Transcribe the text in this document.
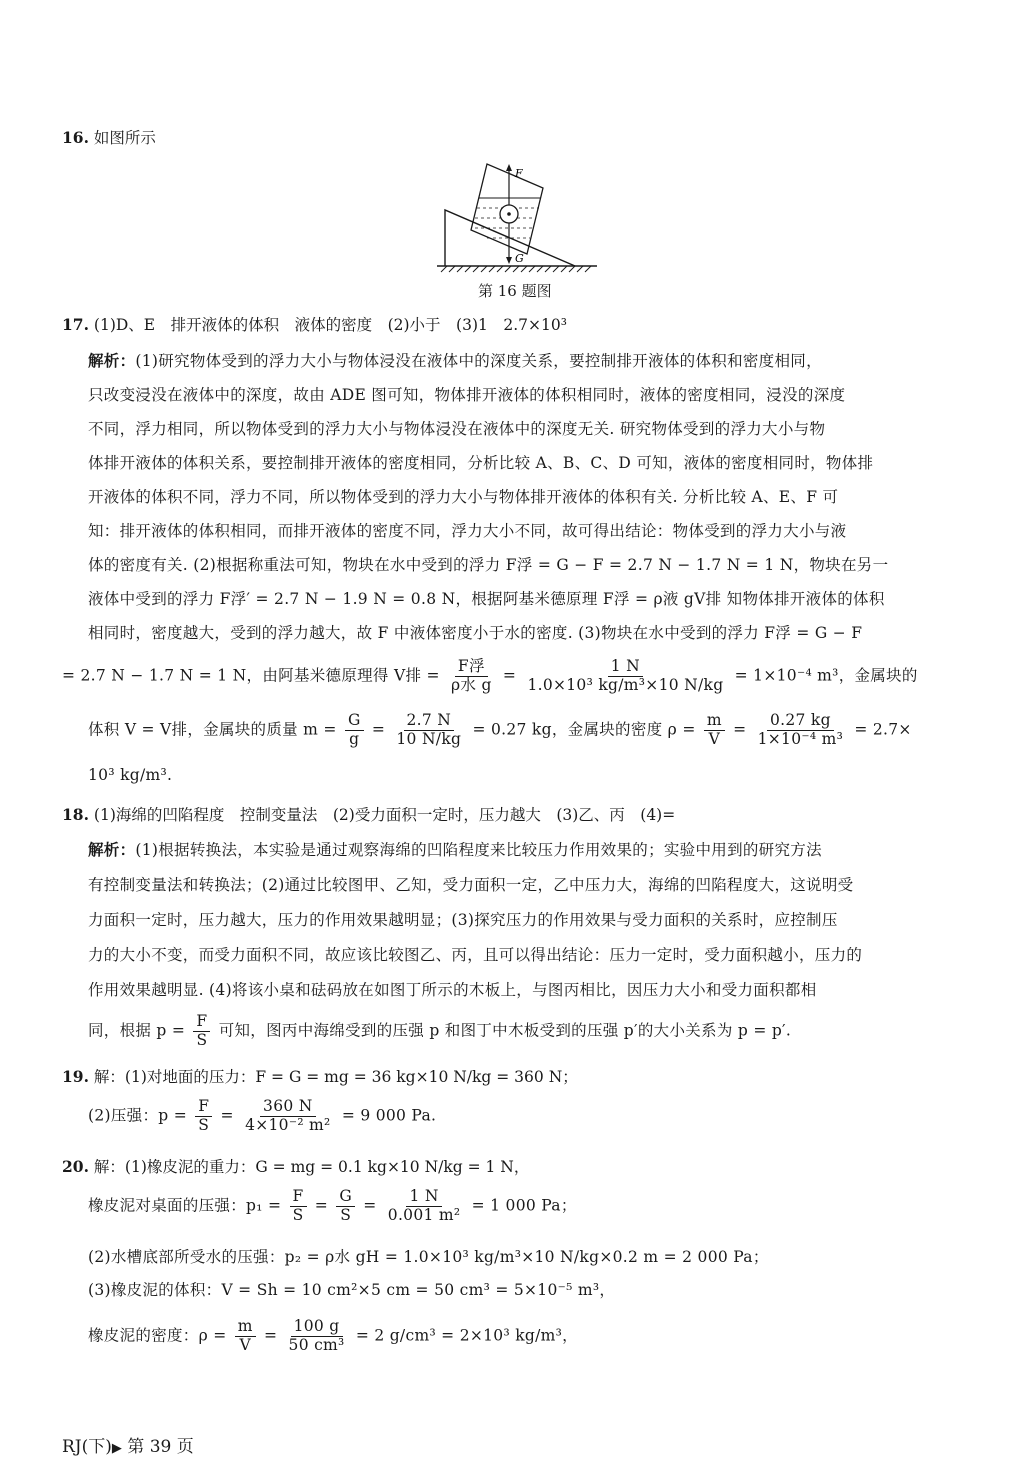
16. 如图所示
F
G
第 16 题图
17. (1)D、E　排开液体的体积　液体的密度　(2)小于　(3)1　2.7×10³
解析：(1)研究物体受到的浮力大小与物体浸没在液体中的深度关系，要控制排开液体的体积和密度相同，
只改变浸没在液体中的深度，故由 ADE 图可知，物体排开液体的体积相同时，液体的密度相同，浸没的深度
不同，浮力相同，所以物体受到的浮力大小与物体浸没在液体中的深度无关. 研究物体受到的浮力大小与物
体排开液体的体积关系，要控制排开液体的密度相同，分析比较 A、B、C、D 可知，液体的密度相同时，物体排
开液体的体积不同，浮力不同，所以物体受到的浮力大小与物体排开液体的体积有关. 分析比较 A、E、F 可
知：排开液体的体积相同，而排开液体的密度不同，浮力大小不同，故可得出结论：物体受到的浮力大小与液
体的密度有关. (2)根据称重法可知，物块在水中受到的浮力 F浮 = G − F = 2.7 N − 1.7 N = 1 N，物块在另一
液体中受到的浮力 F浮′ = 2.7 N − 1.9 N = 0.8 N，根据阿基米德原理 F浮 = ρ液 gV排 知物体排开液体的体积
相同时，密度越大，受到的浮力越大，故 F 中液体密度小于水的密度. (3)物块在水中受到的浮力 F浮 = G − F
= 2.7 N − 1.7 N = 1 N，由阿基米德原理得 V排 =
F浮
ρ水 g
= $\frac{1 N}{\text{1.0×10³ kg/m³×10 N/kg}} = 1\times 10^{-4}$ m³，金属块的
体积 V = V排，金属块的质量 $m = \frac{G}{g} = \frac{2.7 N}{10 N/kg} = 0.27$ kg，金属块的密度 $\rho = \frac{m}{V} = \frac{0.27 kg}{\text{1×10⁻⁴ m³}} = 2.7\times$
10³ kg/m³.
18. (1)海绵的凹陷程度　控制变量法　(2)受力面积一定时，压力越大　(3)乙、丙　(4)=
解析：(1)根据转换法，本实验是通过观察海绵的凹陷程度来比较压力作用效果的；实验中用到的研究方法
有控制变量法和转换法；(2)通过比较图甲、乙知，受力面积一定，乙中压力大，海绵的凹陷程度大，这说明受
力面积一定时，压力越大，压力的作用效果越明显；(3)探究压力的作用效果与受力面积的关系时，应控制压
力的大小不变，而受力面积不同，故应该比较图乙、丙，且可以得出结论：压力一定时，受力面积越小，压力的
作用效果越明显. (4)将该小桌和砝码放在如图丁所示的木板上，与图丙相比，因压力大小和受力面积都相
同，根据 $p = \frac{F}{S}$ 可知，图丙中海绵受到的压强 p 和图丁中木板受到的压强 p′的大小关系为 p = p′.
19. 解：(1)对地面的压力：F = G = mg = 36 kg×10 N/kg = 360 N；
(2)压强：$p = \frac{F}{S} = \frac{360 N}{\text{4×10⁻² m²}} = 9$ 000 Pa.
20. 解：(1)橡皮泥的重力：G = mg = 0.1 kg×10 N/kg = 1 N，
橡皮泥对桌面的压强：$p_1 = \frac{F}{S} = \frac{G}{S} = \frac{1 N}{\text{0.001 m²}} = 1$ 000 Pa；
(2)水槽底部所受水的压强：p₂ = ρ水 gH = 1.0×10³ kg/m³×10 N/kg×0.2 m = 2 000 Pa；
(3)橡皮泥的体积：V = Sh = 10 cm²×5 cm = 50 cm³ = 5×10⁻⁵ m³，
橡皮泥的密度：$\rho = \frac{m}{V} = \frac{100 g}{\text{50 cm³}} = 2$ g/cm³ = 2×10³ kg/m³，
RJ(下)▶ 第 39 页
